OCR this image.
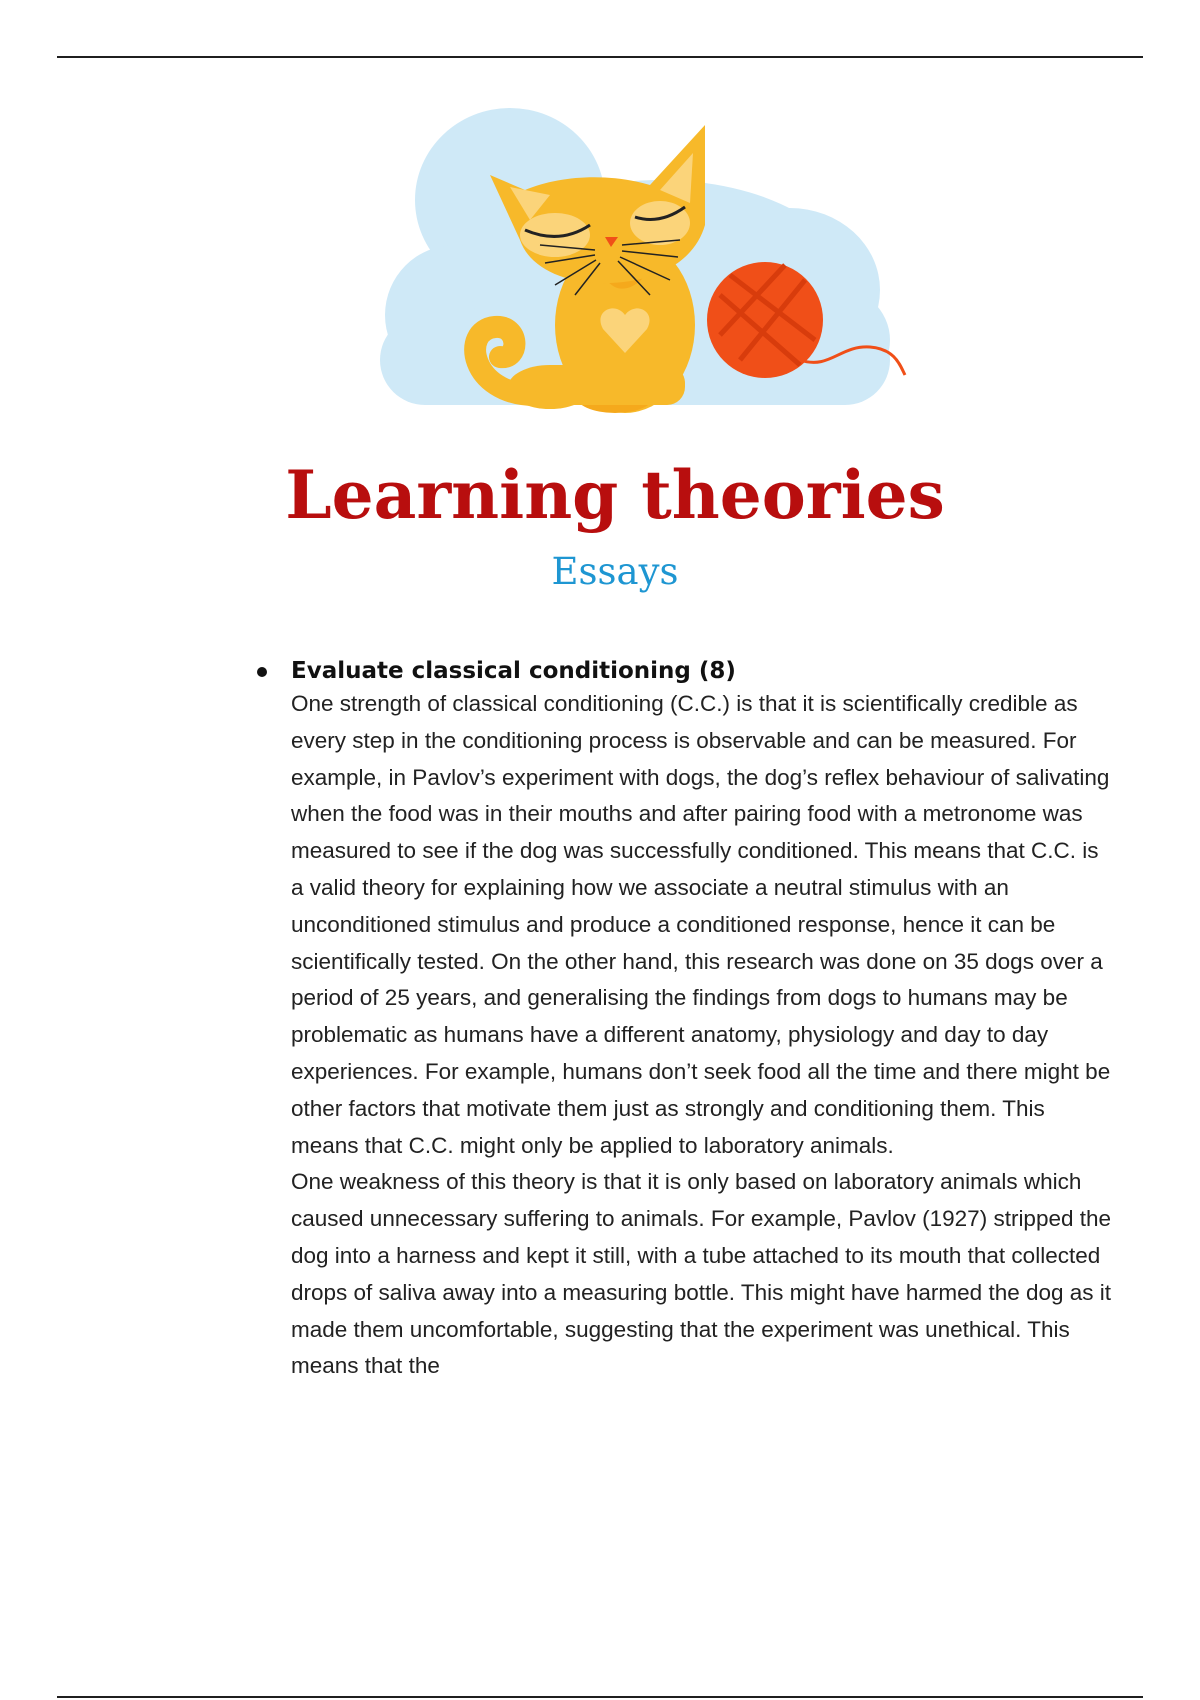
Learning theories
Essays
Evaluate classical conditioning (8)

One strength of classical conditioning (C.C.) is that it is scientifically credible as every step in the conditioning process is observable and can be measured. For example, in Pavlov’s experiment with dogs, the dog’s reflex behaviour of salivating when the food was in their mouths and after pairing food with a metronome was measured to see if the dog was successfully conditioned. This means that C.C. is a valid theory for explaining how we associate a neutral stimulus with an unconditioned stimulus and produce a conditioned response, hence it can be scientifically tested. On the other hand, this research was done on 35 dogs over a period of 25 years, and generalising the findings from dogs to humans may be problematic as humans have a different anatomy, physiology and day to day experiences. For example, humans don’t seek food all the time and there might be other factors that motivate them just as strongly and conditioning them. This means that C.C. might only be applied to laboratory animals.

One weakness of this theory is that it is only based on laboratory animals which caused unnecessary suffering to animals. For example, Pavlov (1927) stripped the dog into a harness and kept it still, with a tube attached to its mouth that collected drops of saliva away into a measuring bottle. This might have harmed the dog as it made them uncomfortable, suggesting that the experiment was unethical. This means that the
